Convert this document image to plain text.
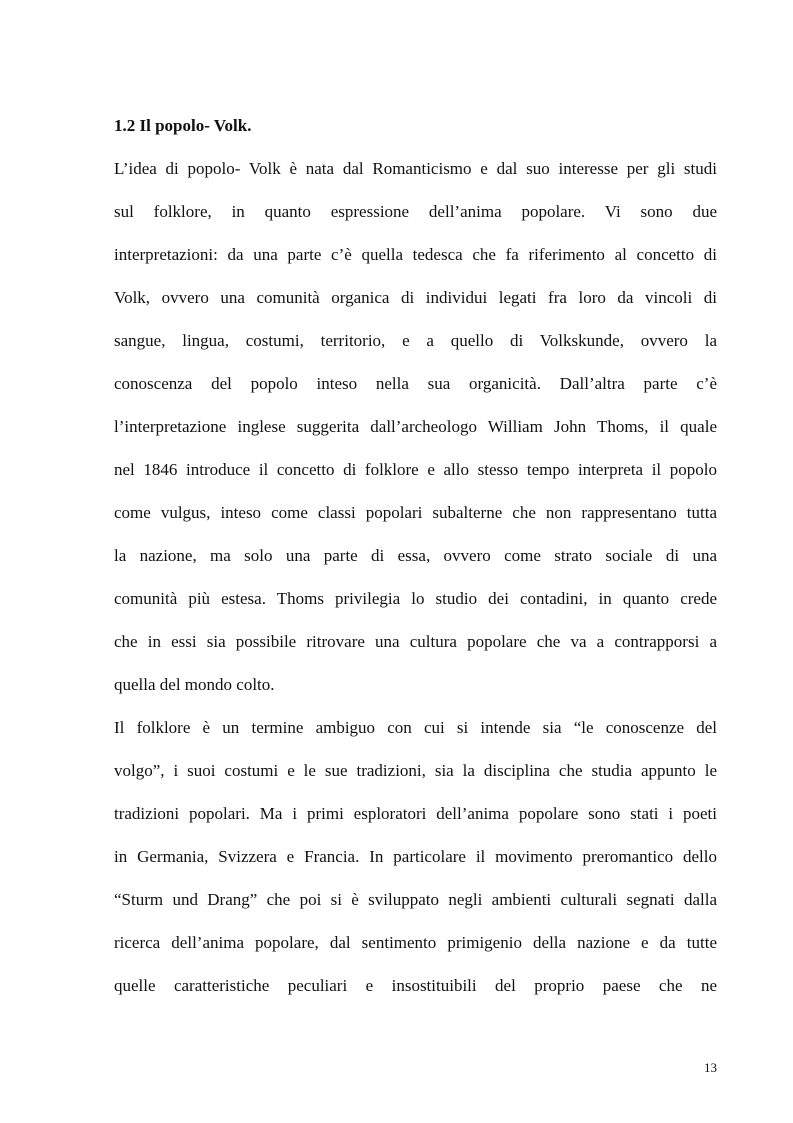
1.2 Il popolo- Volk.
L’idea di popolo- Volk è nata dal Romanticismo e dal suo interesse per gli studi
sul folklore, in quanto espressione dell’anima popolare. Vi sono due
interpretazioni: da una parte c’è quella tedesca che fa riferimento al concetto di
Volk, ovvero una comunità organica di individui legati fra loro da vincoli di
sangue, lingua, costumi, territorio, e a quello di Volkskunde, ovvero la
conoscenza del popolo inteso nella sua organicità. Dall’altra parte c’è
l’interpretazione inglese suggerita dall’archeologo William John Thoms, il quale
nel 1846 introduce il concetto di folklore e allo stesso tempo interpreta il popolo
come vulgus, inteso come classi popolari subalterne che non rappresentano tutta
la nazione, ma solo una parte di essa, ovvero come strato sociale di una
comunità più estesa. Thoms privilegia lo studio dei contadini, in quanto crede
che in essi sia possibile ritrovare una cultura popolare che va a contrapporsi a
quella del mondo colto.
Il folklore è un termine ambiguo con cui si intende sia “le conoscenze del
volgo”, i suoi costumi e le sue tradizioni, sia la disciplina che studia appunto le
tradizioni popolari. Ma i primi esploratori dell’anima popolare sono stati i poeti
in Germania, Svizzera e Francia. In particolare il movimento preromantico dello
“Sturm und Drang” che poi si è sviluppato negli ambienti culturali segnati dalla
ricerca dell’anima popolare, dal sentimento primigenio della nazione e da tutte
quelle caratteristiche peculiari e insostituibili del proprio paese che ne
13
